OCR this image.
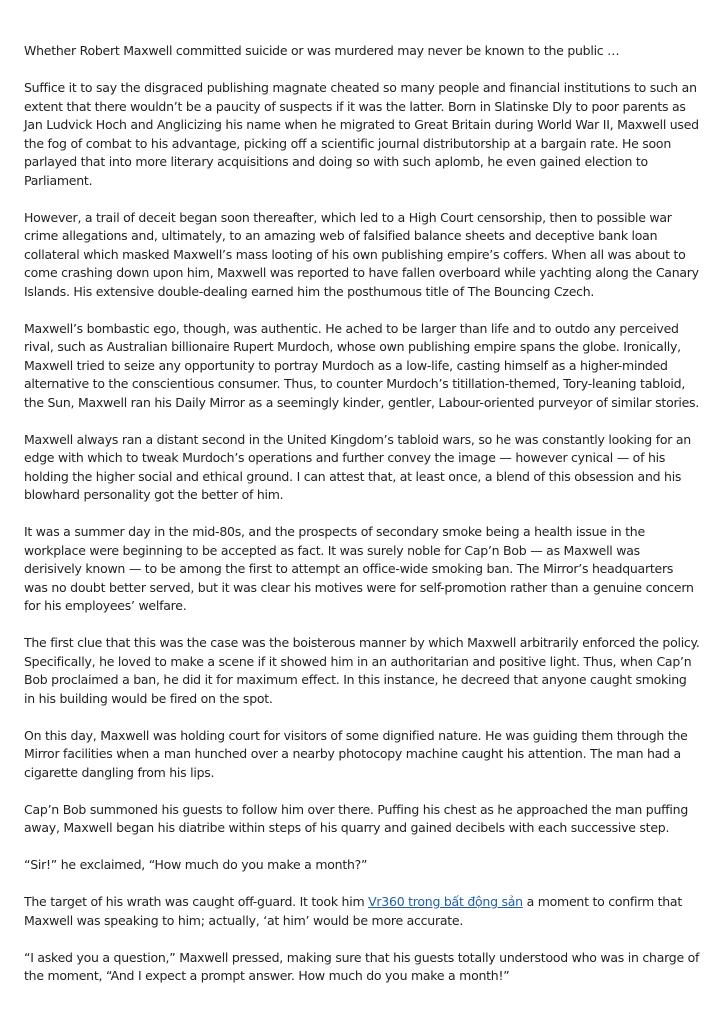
Whether Robert Maxwell committed suicide or was murdered may never be known to the public …

Suffice it to say the disgraced publishing magnate cheated so many people and financial institutions to such an extent that there wouldn’t be a paucity of suspects if it was the latter. Born in Slatinske Dly to poor parents as Jan Ludvick Hoch and Anglicizing his name when he migrated to Great Britain during World War II, Maxwell used the fog of combat to his advantage, picking off a scientific journal distributorship at a bargain rate. He soon parlayed that into more literary acquisitions and doing so with such aplomb, he even gained election to Parliament.

However, a trail of deceit began soon thereafter, which led to a High Court censorship, then to possible war crime allegations and, ultimately, to an amazing web of falsified balance sheets and deceptive bank loan collateral which masked Maxwell’s mass looting of his own publishing empire’s coffers. When all was about to come crashing down upon him, Maxwell was reported to have fallen overboard while yachting along the Canary Islands. His extensive double-dealing earned him the posthumous title of The Bouncing Czech.

Maxwell’s bombastic ego, though, was authentic. He ached to be larger than life and to outdo any perceived rival, such as Australian billionaire Rupert Murdoch, whose own publishing empire spans the globe. Ironically, Maxwell tried to seize any opportunity to portray Murdoch as a low-life, casting himself as a higher-minded alternative to the conscientious consumer. Thus, to counter Murdoch’s titillation-themed, Tory-leaning tabloid, the Sun, Maxwell ran his Daily Mirror as a seemingly kinder, gentler, Labour-oriented purveyor of similar stories.

Maxwell always ran a distant second in the United Kingdom’s tabloid wars, so he was constantly looking for an edge with which to tweak Murdoch’s operations and further convey the image — however cynical — of his holding the higher social and ethical ground. I can attest that, at least once, a blend of this obsession and his blowhard personality got the better of him.

It was a summer day in the mid-80s, and the prospects of secondary smoke being a health issue in the workplace were beginning to be accepted as fact. It was surely noble for Cap’n Bob — as Maxwell was derisively known — to be among the first to attempt an office-wide smoking ban. The Mirror’s headquarters was no doubt better served, but it was clear his motives were for self-promotion rather than a genuine concern for his employees’ welfare.

The first clue that this was the case was the boisterous manner by which Maxwell arbitrarily enforced the policy. Specifically, he loved to make a scene if it showed him in an authoritarian and positive light. Thus, when Cap’n Bob proclaimed a ban, he did it for maximum effect. In this instance, he decreed that anyone caught smoking in his building would be fired on the spot.

On this day, Maxwell was holding court for visitors of some dignified nature. He was guiding them through the Mirror facilities when a man hunched over a nearby photocopy machine caught his attention. The man had a cigarette dangling from his lips.

Cap’n Bob summoned his guests to follow him over there. Puffing his chest as he approached the man puffing away, Maxwell began his diatribe within steps of his quarry and gained decibels with each successive step.

“Sir!” he exclaimed, “How much do you make a month?”

The target of his wrath was caught off-guard. It took him Vr360 trong bất động sản a moment to confirm that Maxwell was speaking to him; actually, ‘at him’ would be more accurate.

“I asked you a question,” Maxwell pressed, making sure that his guests totally understood who was in charge of the moment, “And I expect a prompt answer. How much do you make a month!”
